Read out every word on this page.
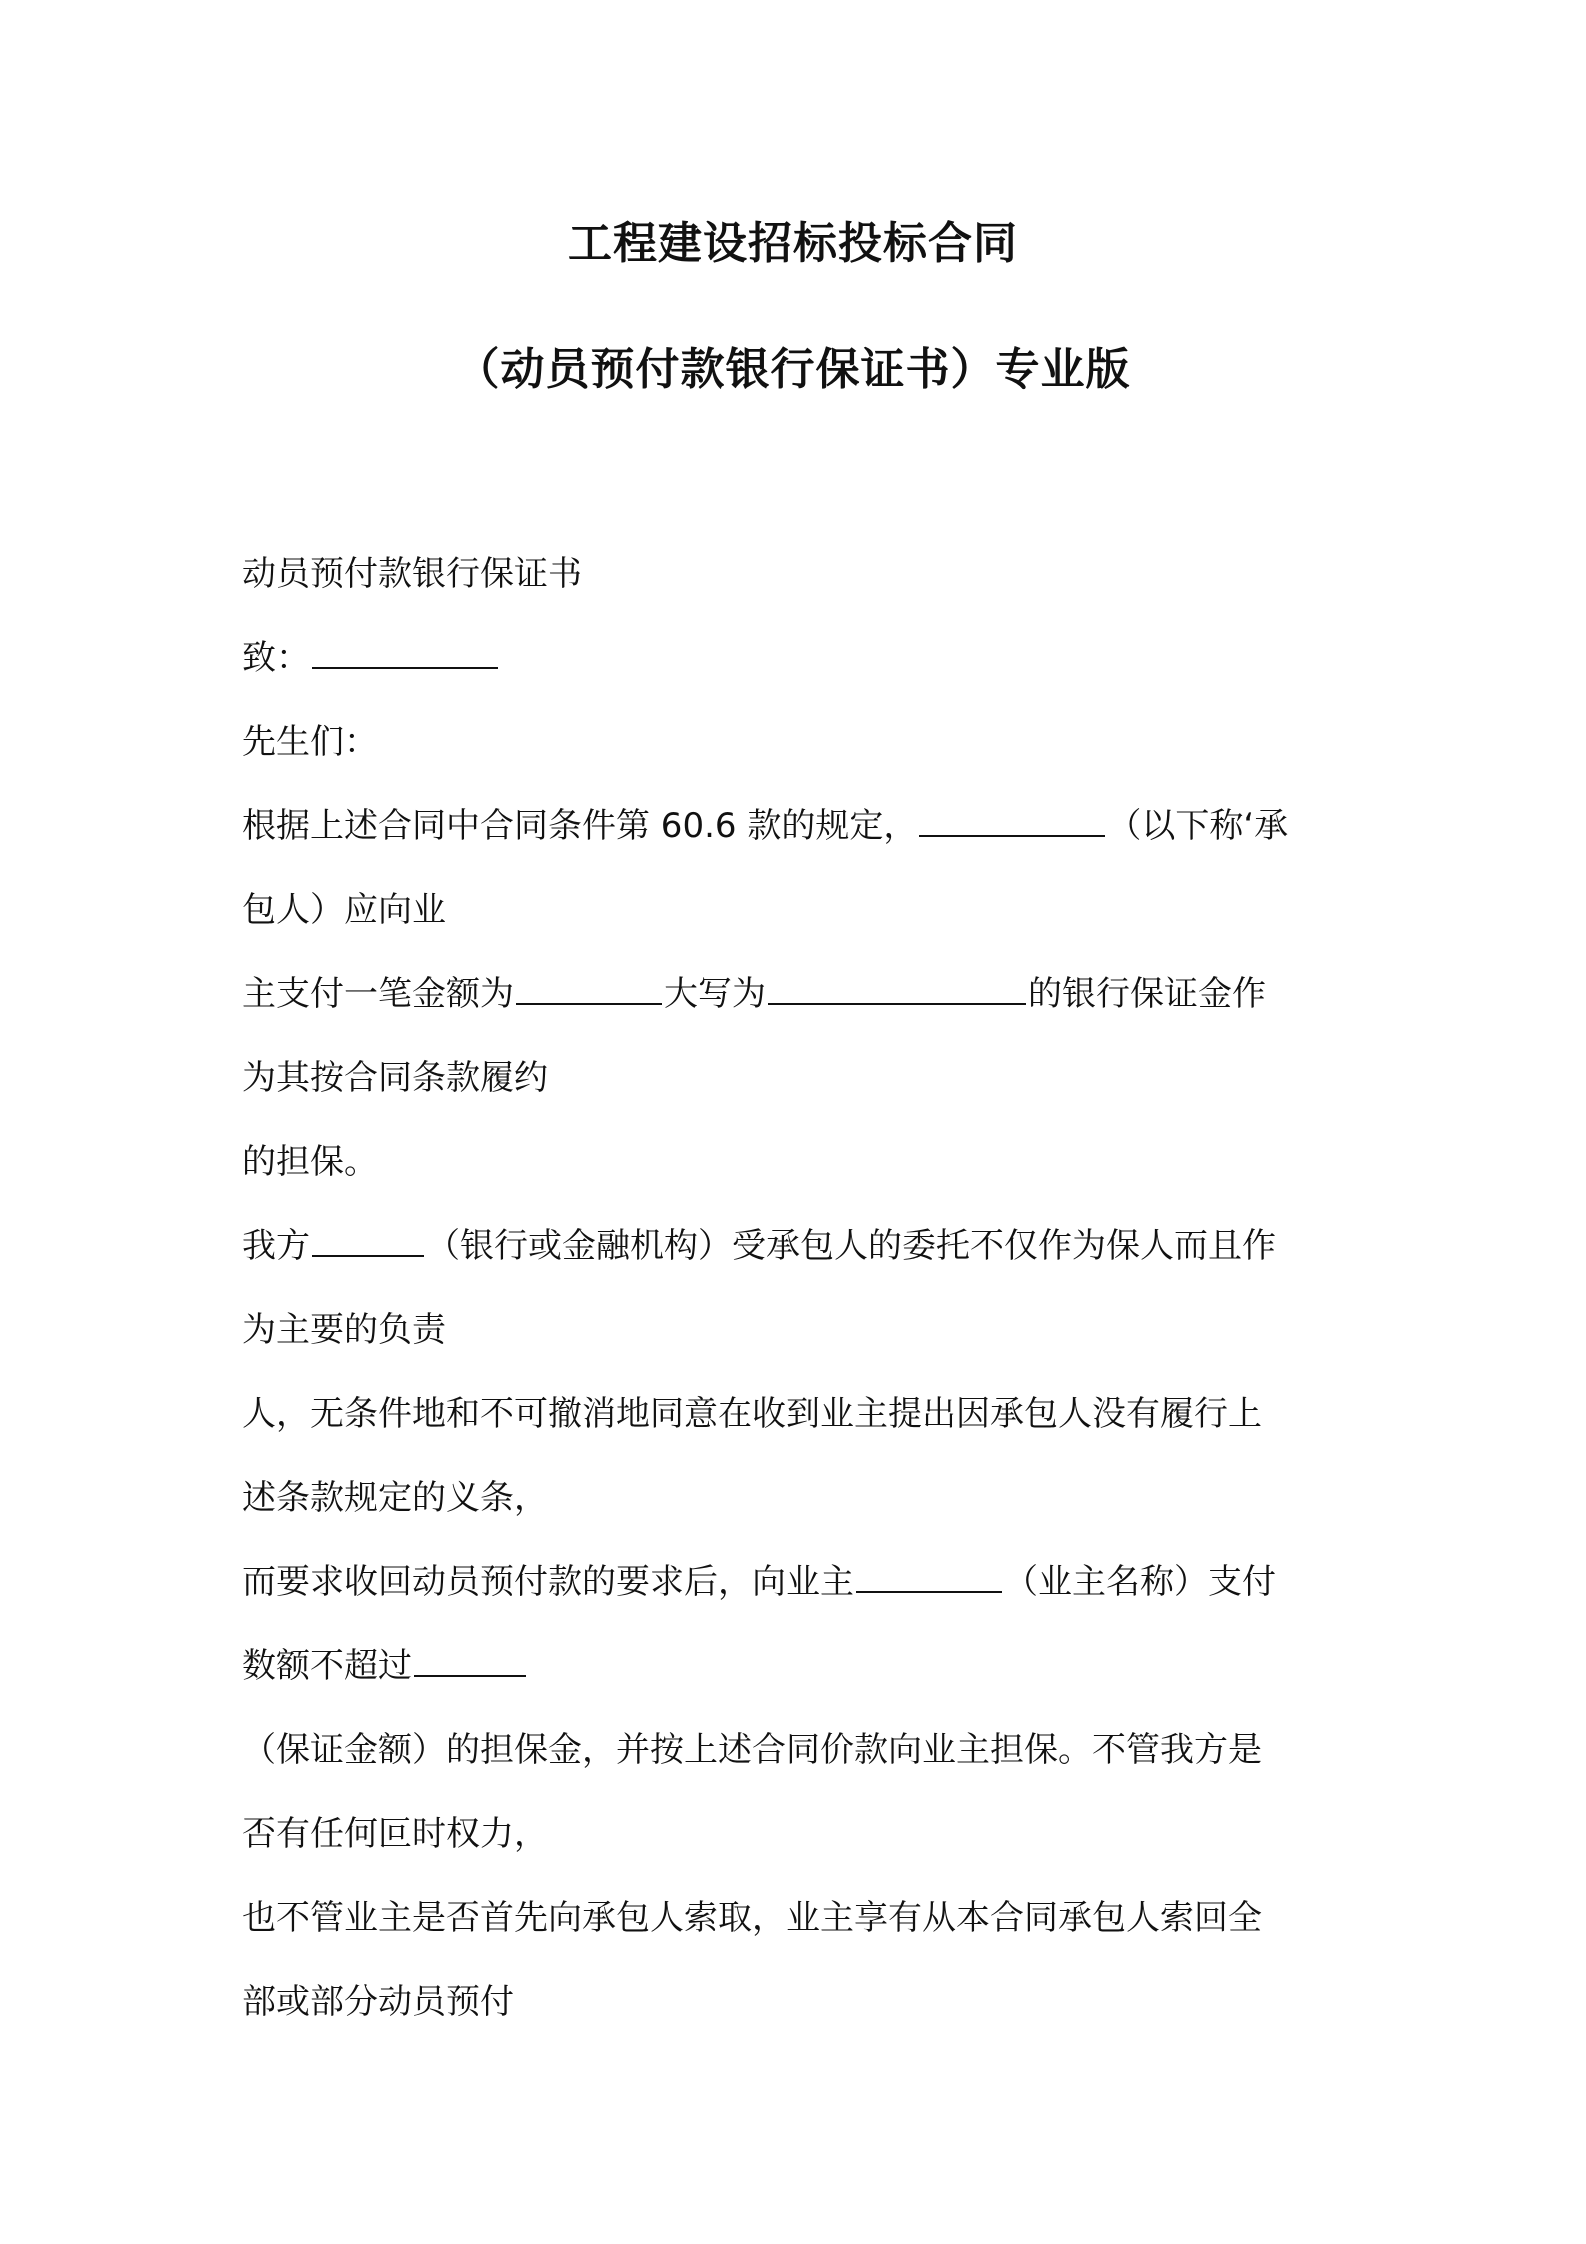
工程建设招标投标合同
（动员预付款银行保证书）专业版
动员预付款银行保证书
致：
先生们：
根据上述合同中合同条件第 60.6 款的规定，	（以下称‘承
包人）应向业
主支付一笔金额为	大写为	的银行保证金作
为其按合同条款履约
的担保。
我方	（银行或金融机构）受承包人的委托不仅作为保人而且作
为主要的负责
人，无条件地和不可撤消地同意在收到业主提出因承包人没有履行上
述条款规定的义条，
而要求收回动员预付款的要求后，向业主	（业主名称）支付
数额不超过
（保证金额）的担保金，并按上述合同价款向业主担保。不管我方是
否有任何叵时权力，
也不管业主是否首先向承包人索取，业主享有从本合同承包人索回全
部或部分动员预付
